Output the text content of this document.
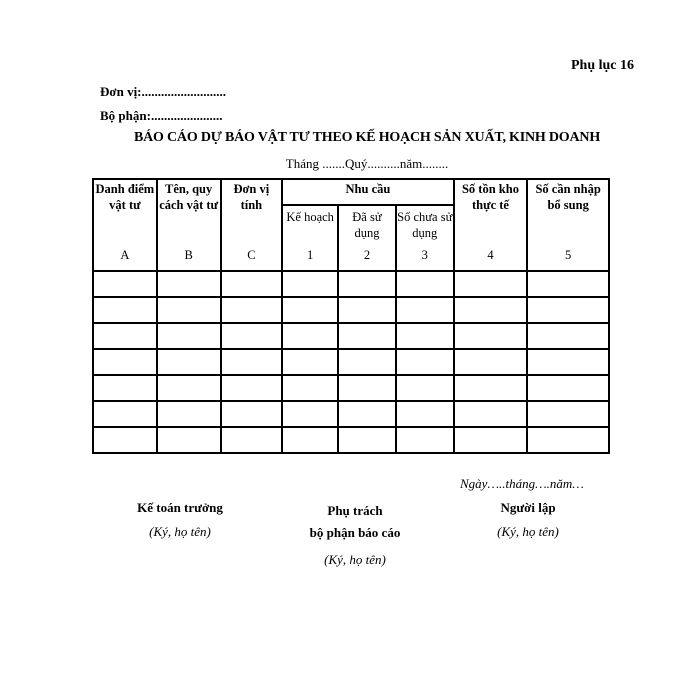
Phụ lục 16
Đơn vị:..........................
Bộ phận:......................
BÁO CÁO DỰ BÁO VẬT TƯ THEO KẾ HOẠCH SẢN XUẤT, KINH DOANH
Tháng .......Quý..........năm........
Danh điểm vật tư	Tên, quy cách vật tư	Đơn vị tính	Nhu cầu			Số tồn kho thực tế	Số cần nhập bổ sung
			Kế hoạch	Đã sử dụng	Số chưa sử dụng		
A	B	C	1	2	3	4	5

Ngày…..tháng….năm…
Kế toán trưởng
(Ký, họ tên)
Phụ trách
bộ phận báo cáo
(Ký, họ tên)
Người lập
(Ký, họ tên)
